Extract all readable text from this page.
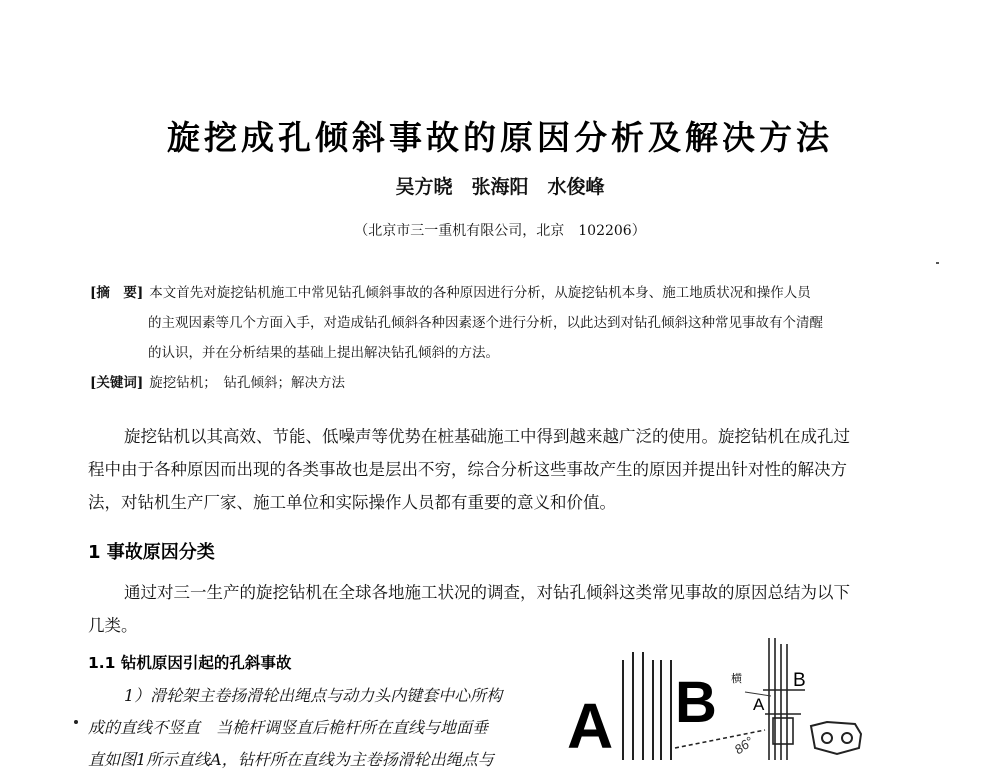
旋挖成孔倾斜事故的原因分析及解决方法
吴方晓　张海阳　水俊峰
（北京市三一重机有限公司，北京　102206）
[摘　要] 本文首先对旋挖钻机施工中常见钻孔倾斜事故的各种原因进行分析，从旋挖钻机本身、施工地质状况和操作人员
的主观因素等几个方面入手，对造成钻孔倾斜各种因素逐个进行分析，以此达到对钻孔倾斜这种常见事故有个清醒
的认识，并在分析结果的基础上提出解决钻孔倾斜的方法。
[关键词] 旋挖钻机；　钻孔倾斜；解决方法
旋挖钻机以其高效、节能、低噪声等优势在桩基础施工中得到越来越广泛的使用。旋挖钻机在成孔过
程中由于各种原因而出现的各类事故也是层出不穷，综合分析这些事故产生的原因并提出针对性的解决方
法，对钻机生产厂家、施工单位和实际操作人员都有重要的意义和价值。
1 事故原因分类
通过对三一生产的旋挖钻机在全球各地施工状况的调查，对钻孔倾斜这类常见事故的原因总结为以下
几类。
1.1 钻机原因引起的孔斜事故
1）滑轮架主卷扬滑轮出绳点与动力头内键套中心所构
成的直线不竖直　当桅杆调竖直后桅杆所在直线与地面垂
直如图1所示直线A，钻杆所在直线为主卷扬滑轮出绳点与	A B 横
A
B
86°
